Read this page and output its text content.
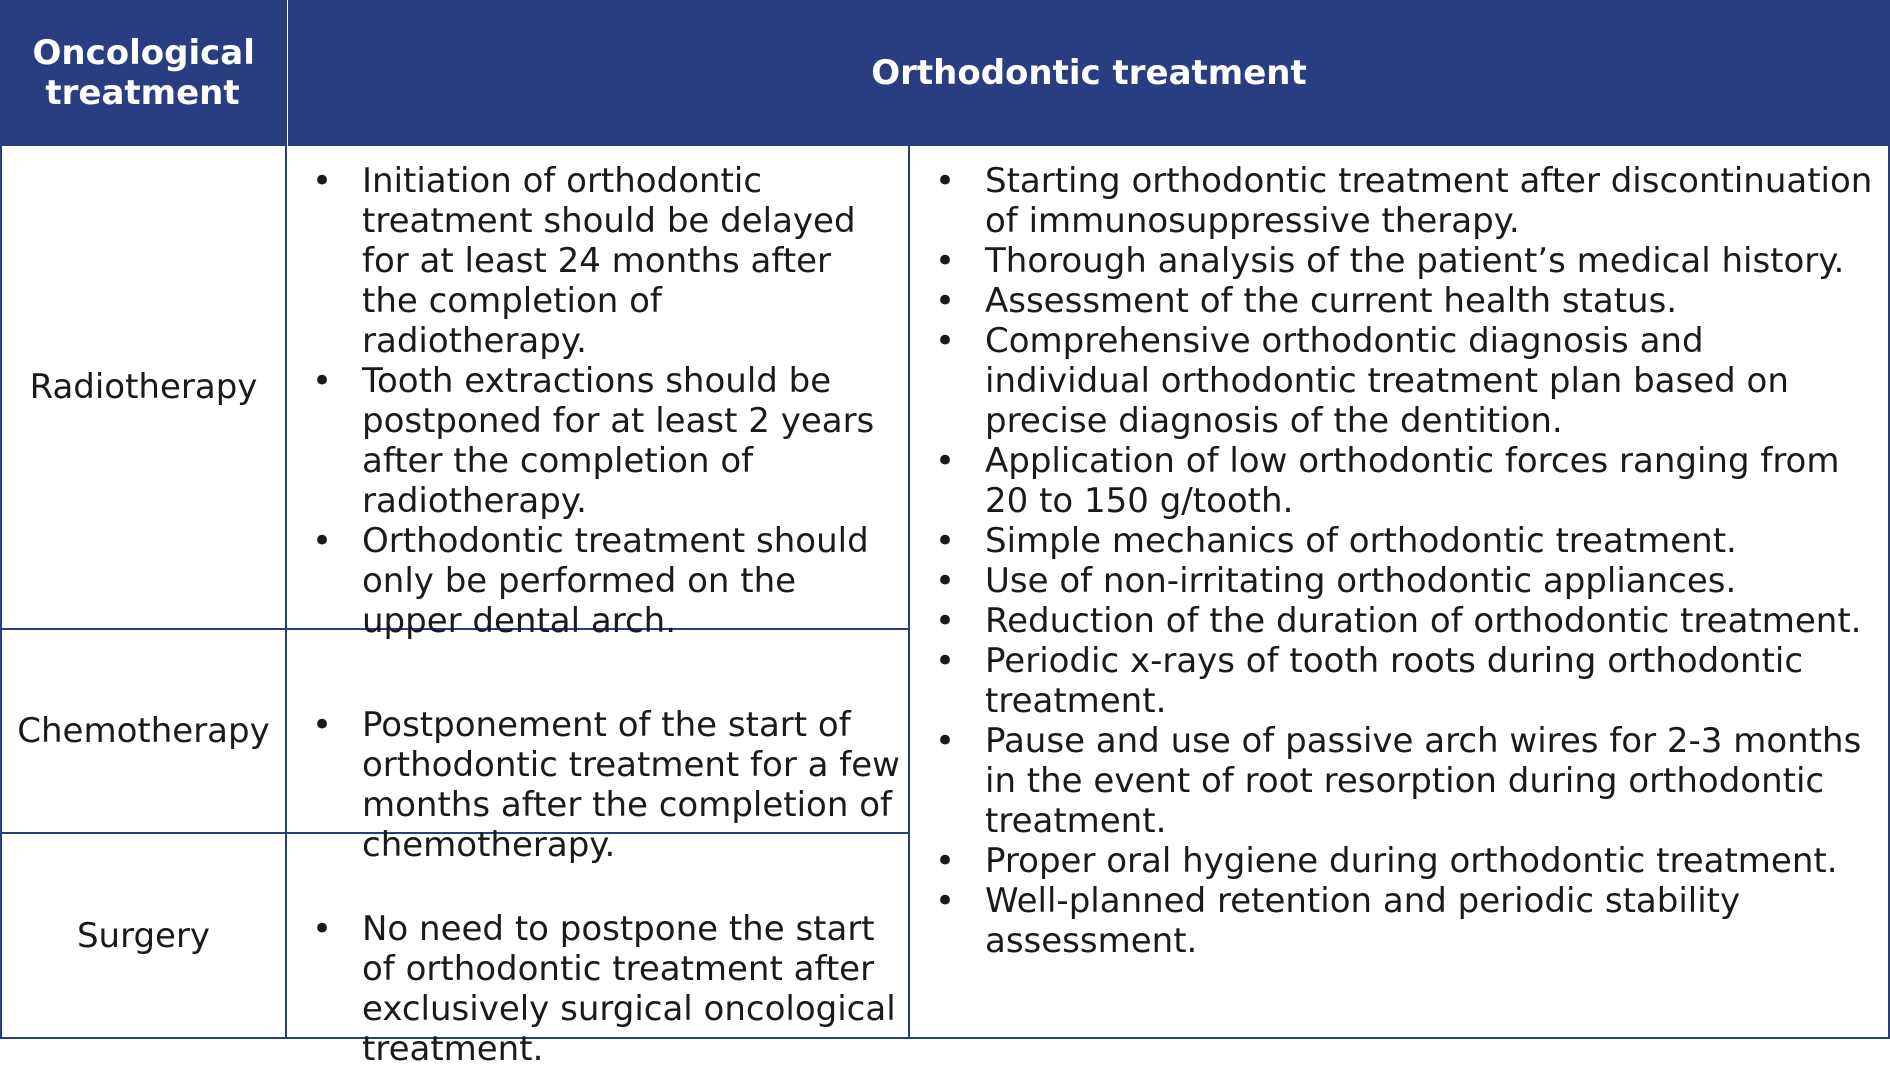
Oncological treatment	Orthodontic treatment
Radiotherapy
Chemotherapy
Surgery
• Initiation of orthodontic treatment should be delayed for at least 24 months after the completion of radiotherapy.
• Tooth extractions should be postponed for at least 2 years after the completion of radiotherapy.
• Orthodontic treatment should only be performed on the upper dental arch.
• Postponement of the start of orthodontic treatment for a few months after the completion of chemotherapy.
• No need to postpone the start of orthodontic treatment after exclusively surgical oncological treatment.
• Starting orthodontic treatment after discontinuation of immunosuppressive therapy.
• Thorough analysis of the patient’s medical history.
• Assessment of the current health status.
• Comprehensive orthodontic diagnosis and individual orthodontic treatment plan based on precise diagnosis of the dentition.
• Application of low orthodontic forces ranging from 20 to 150 g/tooth.
• Simple mechanics of orthodontic treatment.
• Use of non-irritating orthodontic appliances.
• Reduction of the duration of orthodontic treatment.
• Periodic x-rays of tooth roots during orthodontic treatment.
• Pause and use of passive arch wires for 2-3 months in the event of root resorption during orthodontic treatment.
• Proper oral hygiene during orthodontic treatment.
• Well-planned retention and periodic stability assessment.
